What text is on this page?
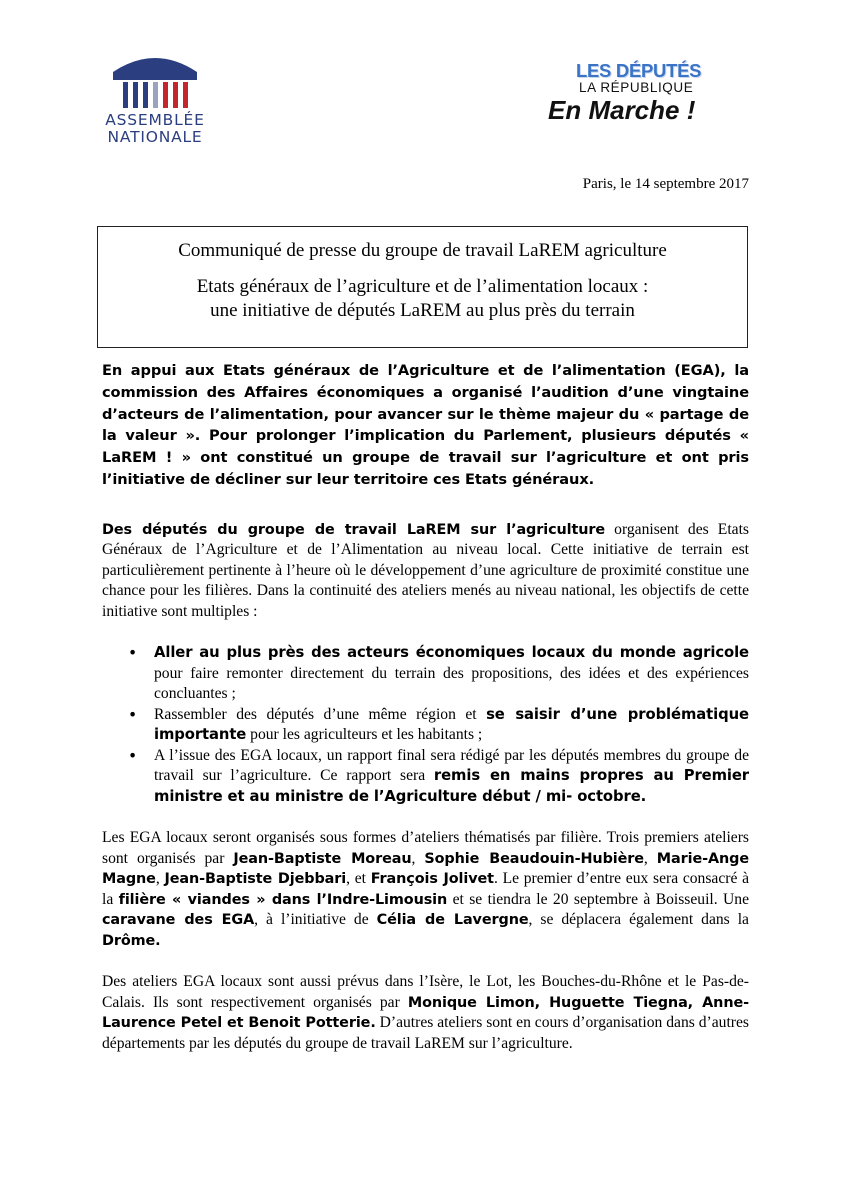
ASSEMBLÉE
NATIONALE
LES DÉPUTÉS
LA RÉPUBLIQUE
En Marche !
Paris, le 14 septembre 2017
Communiqué de presse du groupe de travail LaREM agriculture
Etats généraux de l’agriculture et de l’alimentation locaux :
une initiative de députés LaREM au plus près du terrain

En appui aux Etats généraux de l’Agriculture et de l’alimentation (EGA), la commission des Affaires économiques a organisé l’audition d’une vingtaine d’acteurs de l’alimentation, pour avancer sur le thème majeur du « partage de la valeur ». Pour prolonger l’implication du Parlement, plusieurs députés « LaREM ! » ont constitué un groupe de travail sur l’agriculture et ont pris l’initiative de décliner sur leur territoire ces Etats généraux.

Des députés du groupe de travail LaREM sur l’agriculture organisent des Etats Généraux de l’Agriculture et de l’Alimentation au niveau local. Cette initiative de terrain est particulièrement pertinente à l’heure où le développement d’une agriculture de proximité constitue une chance pour les filières. Dans la continuité des ateliers menés au niveau national, les objectifs de cette initiative sont multiples :

• Aller au plus près des acteurs économiques locaux du monde agricole pour faire remonter directement du terrain des propositions, des idées et des expériences concluantes ;
• Rassembler des députés d’une même région et se saisir d’une problématique importante pour les agriculteurs et les habitants ;
• A l’issue des EGA locaux, un rapport final sera rédigé par les députés membres du groupe de travail sur l’agriculture. Ce rapport sera remis en mains propres au Premier ministre et au ministre de l’Agriculture début / mi- octobre.

Les EGA locaux seront organisés sous formes d’ateliers thématisés par filière. Trois premiers ateliers sont organisés par Jean-Baptiste Moreau, Sophie Beaudouin-Hubière, Marie-Ange Magne, Jean-Baptiste Djebbari, et François Jolivet. Le premier d’entre eux sera consacré à la filière « viandes » dans l’Indre-Limousin et se tiendra le 20 septembre à Boisseuil. Une caravane des EGA, à l’initiative de Célia de Lavergne, se déplacera également dans la Drôme.

Des ateliers EGA locaux sont aussi prévus dans l’Isère, le Lot, les Bouches-du-Rhône et le Pas-de-Calais. Ils sont respectivement organisés par Monique Limon, Huguette Tiegna, Anne-Laurence Petel et Benoit Potterie. D’autres ateliers sont en cours d’organisation dans d’autres départements par les députés du groupe de travail LaREM sur l’agriculture.
